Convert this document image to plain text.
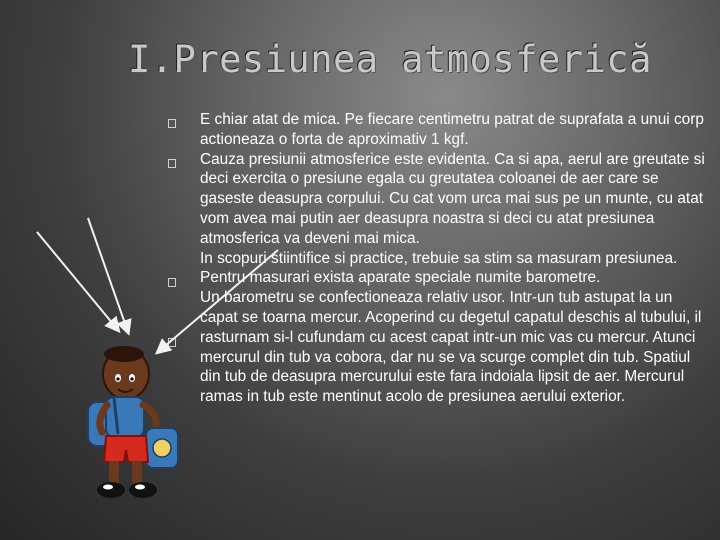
I.Presiunea atmosferică

E chiar atat de mica. Pe fiecare centimetru patrat de suprafata a unui corp actioneaza o forta de aproximativ 1 kgf.

Cauza presiunii atmosferice este evidenta. Ca si apa, aerul are greutate si deci exercita o presiune egala cu greutatea coloanei de aer care se gaseste deasupra corpului. Cu cat vom urca mai sus pe un munte, cu atat vom avea mai putin aer deasupra noastra si deci cu atat presiunea atmosferica va deveni mai mica.

In scopuri stiintifice si practice, trebuie sa stim sa masuram presiunea. Pentru masurari exista aparate speciale numite barometre.

Un barometru se confectioneaza relativ usor. Intr-un tub astupat la un capat se toarna mercur. Acoperind cu degetul capatul deschis al tubului, il rasturnam si-l cufundam cu acest capat intr-un mic vas cu mercur. Atunci mercurul din tub va cobora, dar nu se va scurge complet din tub. Spatiul din tub de deasupra mercurului este fara indoiala lipsit de aer. Mercurul ramas in tub este mentinut acolo de presiunea aerului exterior.
